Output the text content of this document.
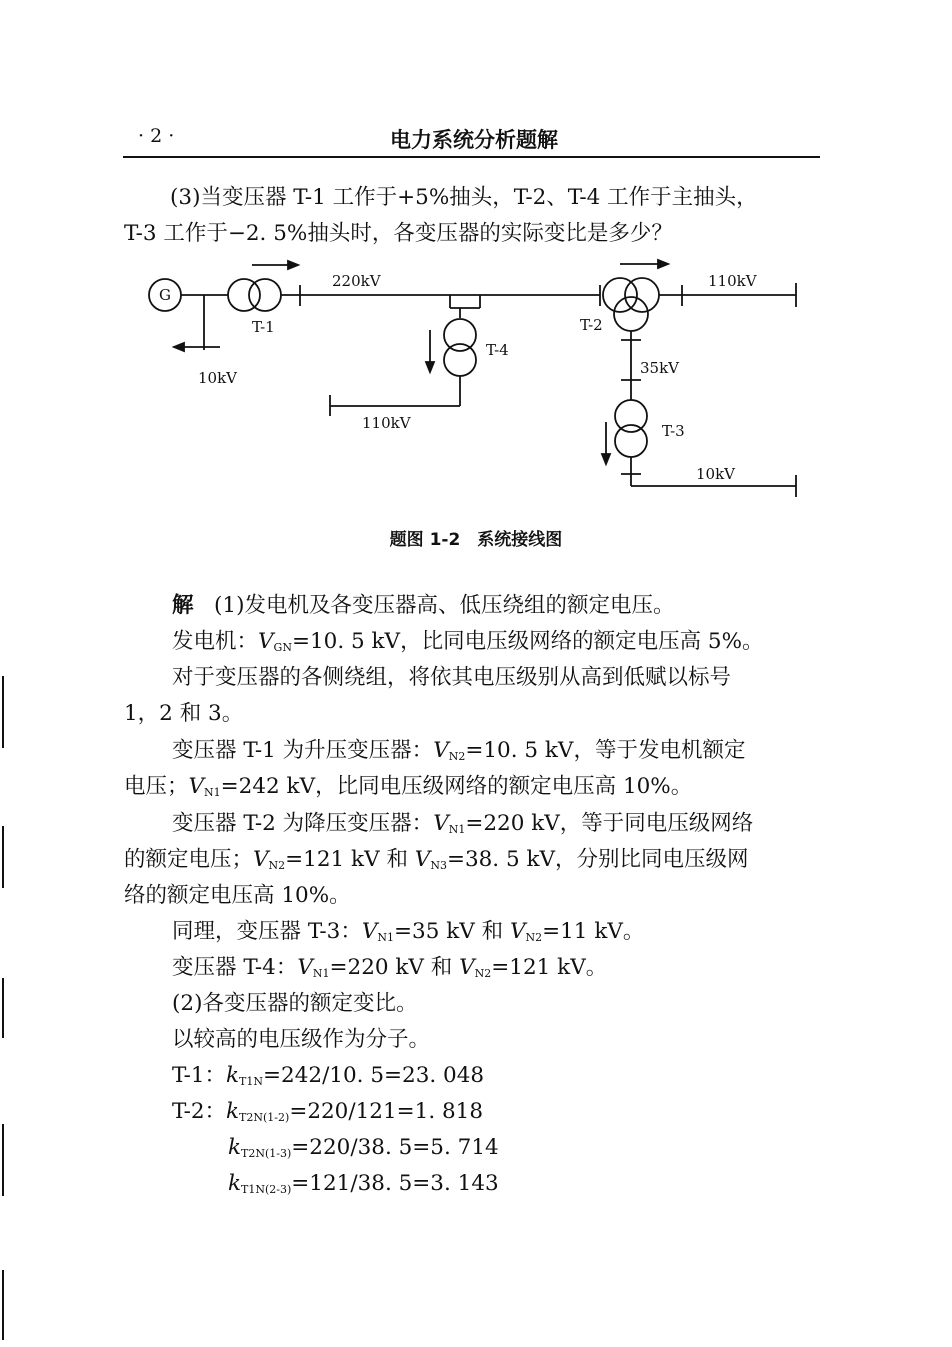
· 2 ·	电力系统分析题解
(3)当变压器 T-1 工作于+5%抽头，T-2、T-4 工作于主抽头，
T-3 工作于−2. 5%抽头时，各变压器的实际变比是多少？
G
T-1
10kV
220kV
T-4
110kV
T-2
110kV
35kV
T-3
10kV
题图 1-2　系统接线图
解 (1)发电机及各变压器高、低压绕组的额定电压。
发电机：$V_{GN}=10$. 5 kV，比同电压级网络的额定电压高 5%。
对于变压器的各侧绕组，将依其电压级别从高到低赋以标号
1，2 和 3。
变压器 T-1 为升压变压器：$V_{N2}=10$. 5 kV，等于发电机额定
电压；$V_{N1}=242$ kV，比同电压级网络的额定电压高 10%。
变压器 T-2 为降压变压器：$V_{N1}=220$ kV，等于同电压级网络
的额定电压；$V_{N2}=121$ kV 和 $V_{N3}=38$. 5 kV，分别比同电压级网
络的额定电压高 10%。
同理，变压器 T-3：$V_{N1}=35$ kV 和 $V_{N2}=11$ kV。
变压器 T-4：$V_{N1}=220$ kV 和 $V_{N2}=121$ kV。
(2)各变压器的额定变比。
以较高的电压级作为分子。
T-1：$k_{T1N}=242/10$. 5=23. 048
T-2：$k_{T2N(1-2)}=220/121=1$. 818
$k_{T2N(1-3)}=220/38$. 5=5. 714
$k_{T1N(2-3)}=121/38$. 5=3. 143
